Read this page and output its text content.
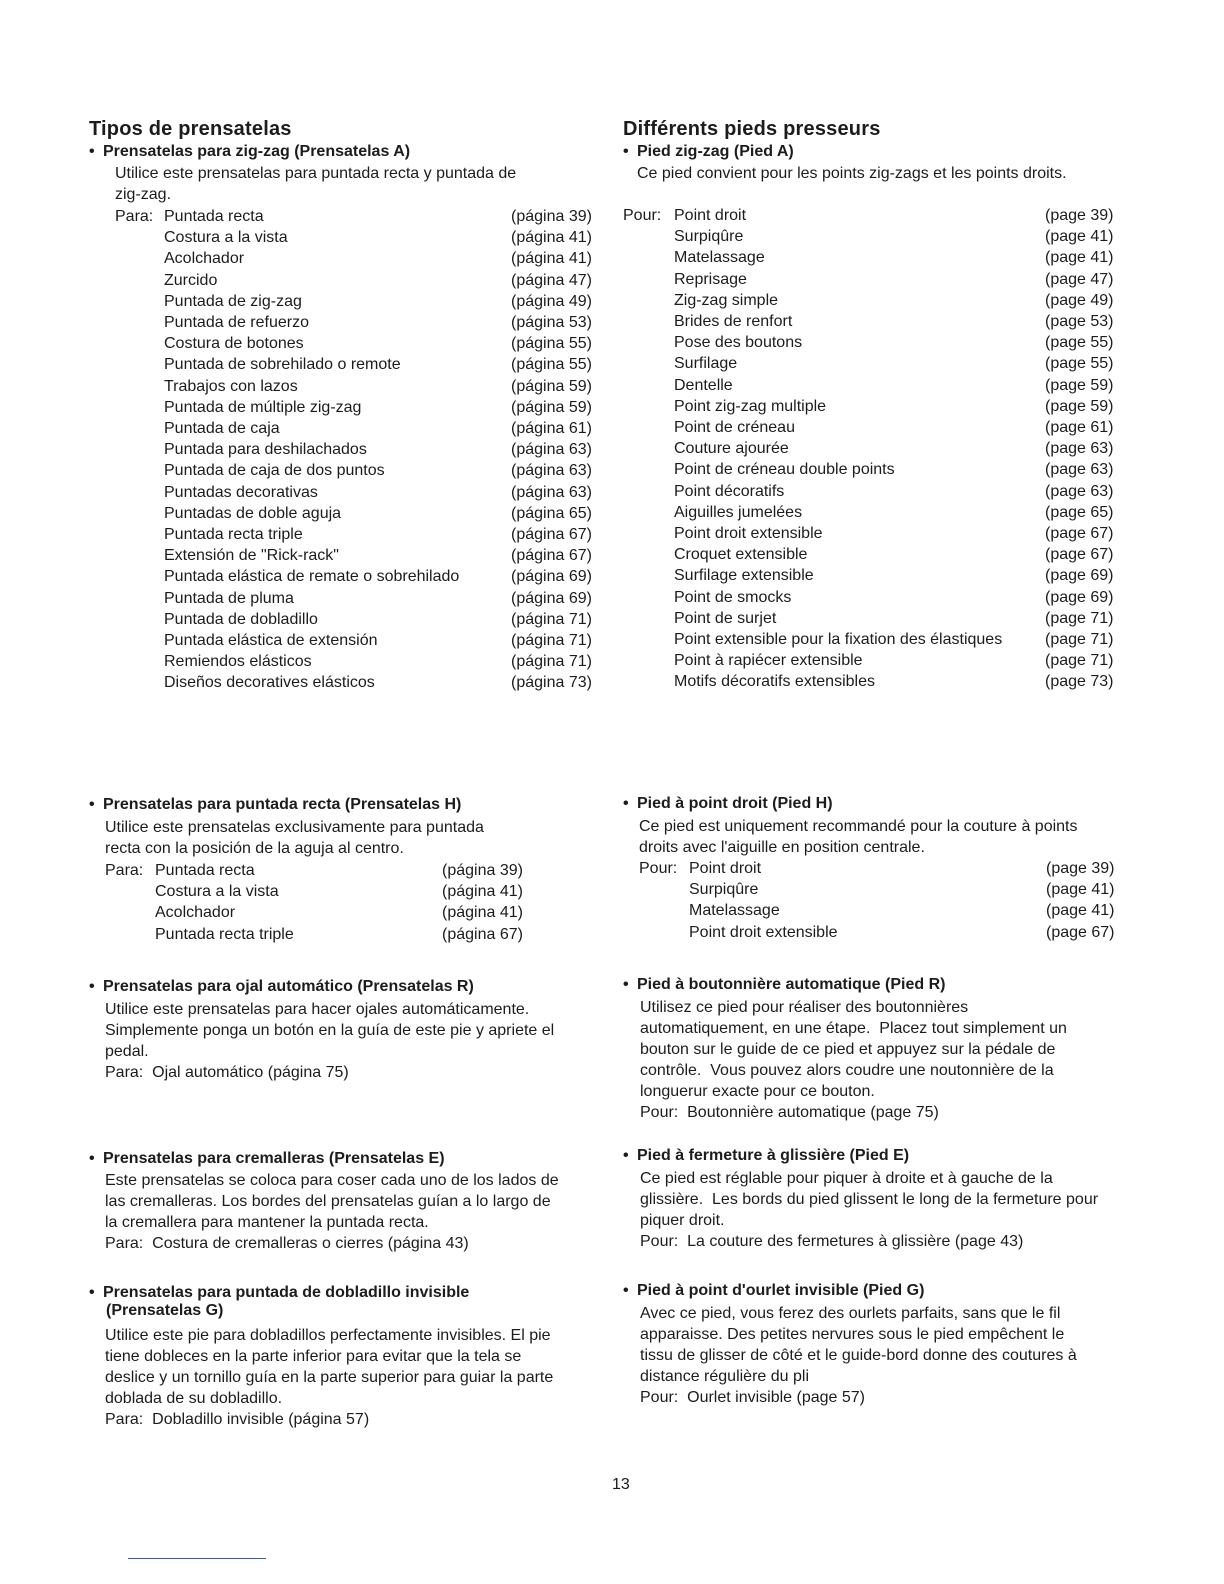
Tipos de prensatelas
• Prensatelas para zig-zag (Prensatelas A)
Utilice este prensatelas para puntada recta y puntada de
zig-zag.
Para: Puntada recta	(página 39)
Costura a la vista	(página 41)
Acolchador	(página 41)
Zurcido	(página 47)
Puntada de zig-zag	(página 49)
Puntada de refuerzo	(página 53)
Costura de botones	(página 55)
Puntada de sobrehilado o remote	(página 55)
Trabajos con lazos	(página 59)
Puntada de múltiple zig-zag	(página 59)
Puntada de caja	(página 61)
Puntada para deshilachados	(página 63)
Puntada de caja de dos puntos	(página 63)
Puntadas decorativas	(página 63)
Puntadas de doble aguja	(página 65)
Puntada recta triple	(página 67)
Extensión de "Rick-rack"	(página 67)
Puntada elástica de remate o sobrehilado	(página 69)
Puntada de pluma	(página 69)
Puntada de dobladillo	(página 71)
Puntada elástica de extensión	(página 71)
Remiendos elásticos	(página 71)
Diseños decoratives elásticos	(página 73)
• Prensatelas para puntada recta (Prensatelas H)
Utilice este prensatelas exclusivamente para puntada
recta con la posición de la aguja al centro.
Para: Puntada recta	(página 39)
Costura a la vista	(página 41)
Acolchador	(página 41)
Puntada recta triple	(página 67)
• Prensatelas para ojal automático (Prensatelas R)
Utilice este prensatelas para hacer ojales automáticamente.
Simplemente ponga un botón en la guía de este pie y apriete el
pedal.
Para:  Ojal automático (página 75)
• Prensatelas para cremalleras (Prensatelas E)
Este prensatelas se coloca para coser cada uno de los lados de
las cremalleras. Los bordes del prensatelas guían a lo largo de
la cremallera para mantener la puntada recta.
Para:  Costura de cremalleras o cierres (página 43)
• Prensatelas para puntada de dobladillo invisible
(Prensatelas G)
Utilice este pie para dobladillos perfectamente invisibles. El pie
tiene dobleces en la parte inferior para evitar que la tela se
deslice y un tornillo guía en la parte superior para guiar la parte
doblada de su dobladillo.
Para:  Dobladillo invisible (página 57)
Différents pieds presseurs
• Pied zig-zag (Pied A)
Ce pied convient pour les points zig-zags et les points droits.
Pour: Point droit	(page 39)
Surpiqûre	(page 41)
Matelassage	(page 41)
Reprisage	(page 47)
Zig-zag simple	(page 49)
Brides de renfort	(page 53)
Pose des boutons	(page 55)
Surfilage	(page 55)
Dentelle	(page 59)
Point zig-zag multiple	(page 59)
Point de créneau	(page 61)
Couture ajourée	(page 63)
Point de créneau double points	(page 63)
Point décoratifs	(page 63)
Aiguilles jumelées	(page 65)
Point droit extensible	(page 67)
Croquet extensible	(page 67)
Surfilage extensible	(page 69)
Point de smocks	(page 69)
Point de surjet	(page 71)
Point extensible pour la fixation des élastiques	(page 71)
Point à rapiécer extensible	(page 71)
Motifs décoratifs extensibles	(page 73)
• Pied à point droit (Pied H)
Ce pied est uniquement recommandé pour la couture à points
droits avec l'aiguille en position centrale.
Pour: Point droit	(page 39)
Surpiqûre	(page 41)
Matelassage	(page 41)
Point droit extensible	(page 67)
• Pied à boutonnière automatique (Pied R)
Utilisez ce pied pour réaliser des boutonnières
automatiquement, en une étape.  Placez tout simplement un
bouton sur le guide de ce pied et appuyez sur la pédale de
contrôle.  Vous pouvez alors coudre une noutonnière de la
longuerur exacte pour ce bouton.
Pour:  Boutonnière automatique (page 75)
• Pied à fermeture à glissière (Pied E)
Ce pied est réglable pour piquer à droite et à gauche de la
glissière.  Les bords du pied glissent le long de la fermeture pour
piquer droit.
Pour:  La couture des fermetures à glissière (page 43)
• Pied à point d'ourlet invisible (Pied G)
Avec ce pied, vous ferez des ourlets parfaits, sans que le fil
apparaisse. Des petites nervures sous le pied empêchent le
tissu de glisser de côté et le guide-bord donne des coutures à
distance régulière du pli
Pour:  Ourlet invisible (page 57)
13
